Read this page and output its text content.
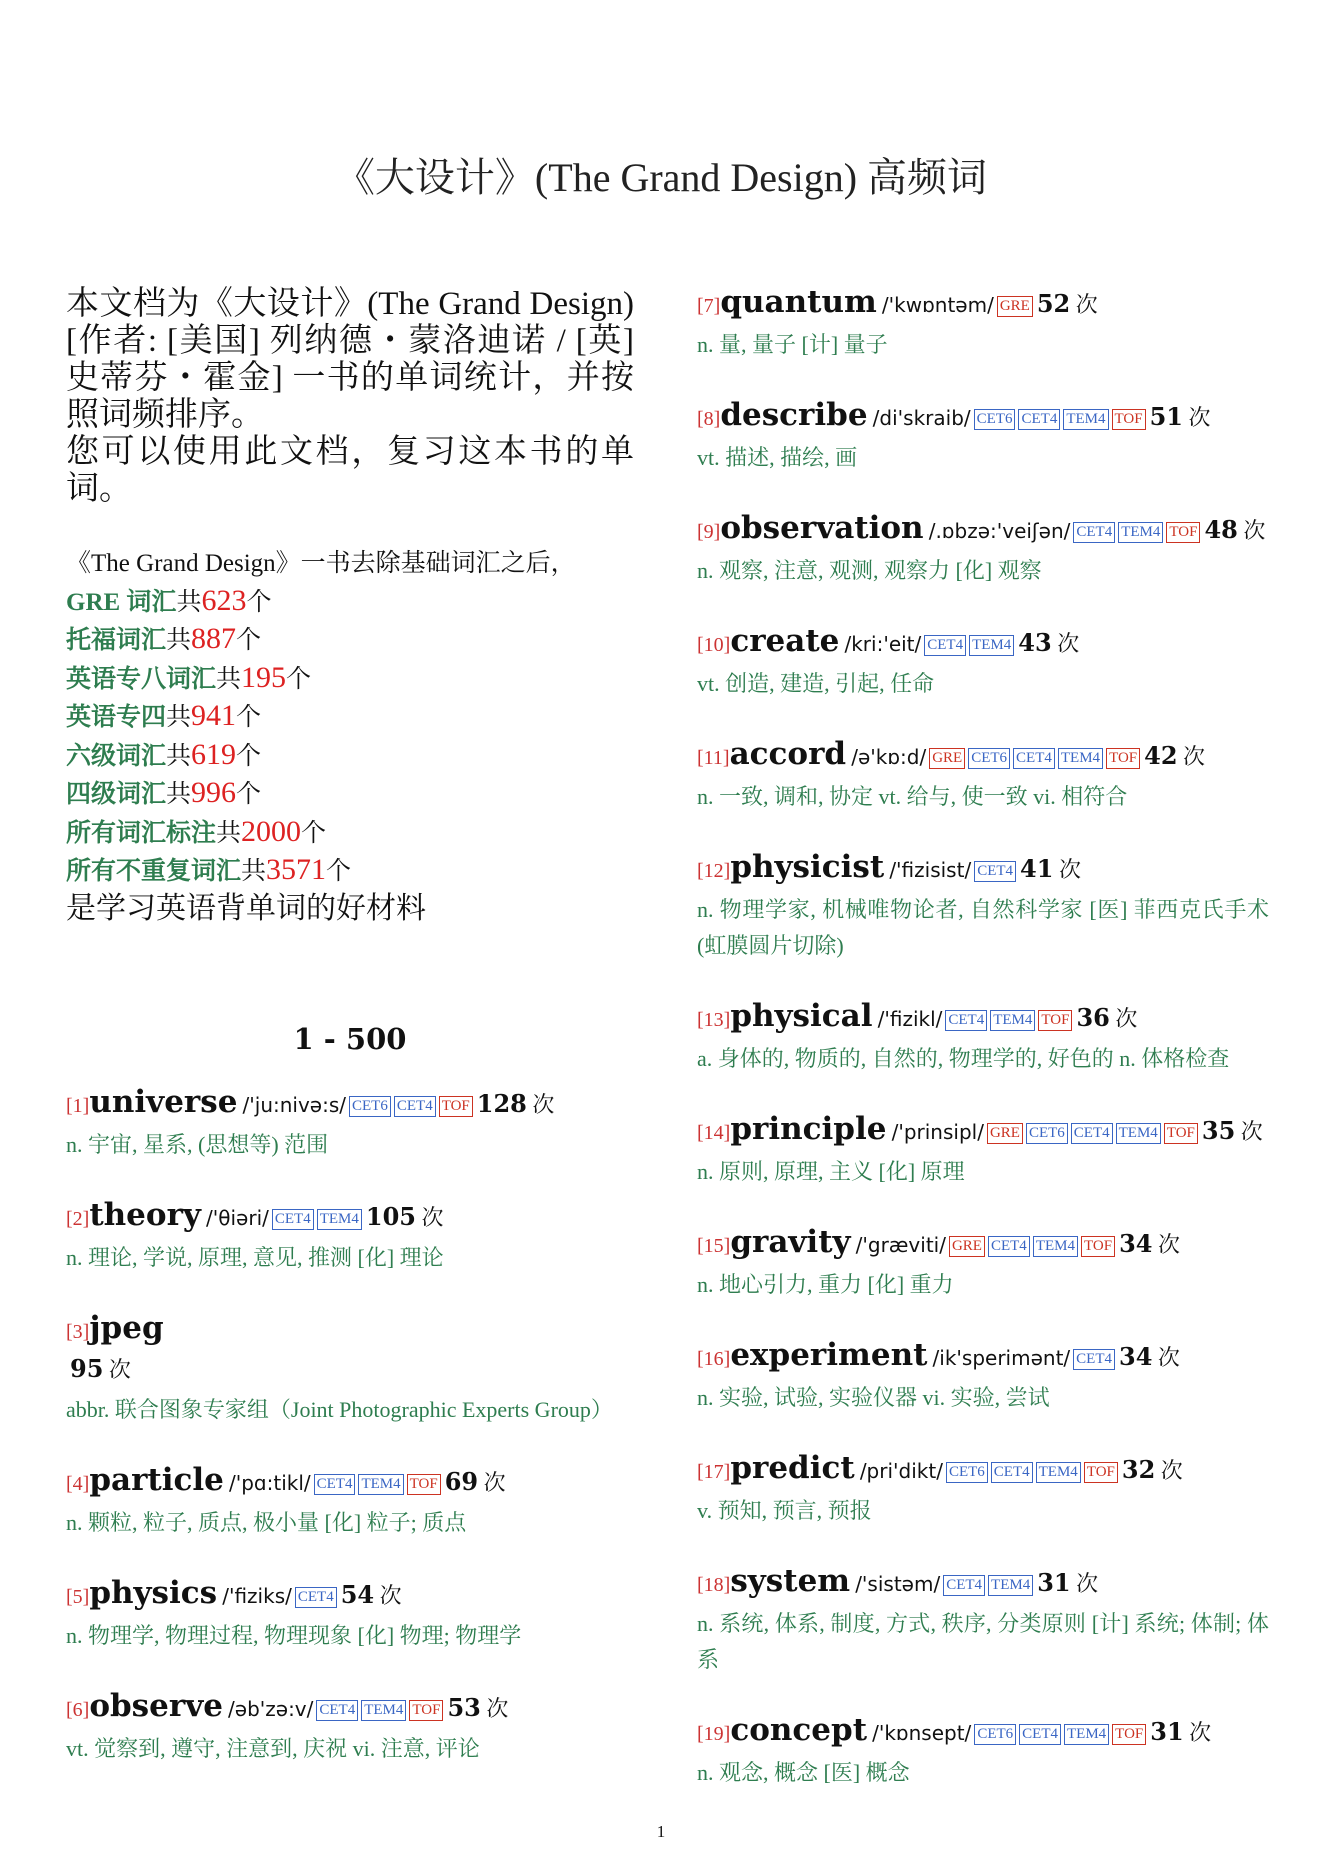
《大设计》(The Grand Design) 高频词

本文档为《大设计》(The Grand Design)[作者: [美国] 列纳德・蒙洛迪诺 / [英] 史蒂芬・霍金] 一书的单词统计，并按照词频排序。

您可以使用此文档，复习这本书的单词。

《The Grand Design》一书去除基础词汇之后，
GRE 词汇共623个
托福词汇共887个
英语专八词汇共195个
英语专四共941个
六级词汇共619个
四级词汇共996个
所有词汇标注共2000个
所有不重复词汇共3571个
是学习英语背单词的好材料
1 - 500
[1]universe /'ju:nivə:s/ CET6 CET4 TOF 128 次
n. 宇宙, 星系, (思想等) 范围
[2]theory /'θiəri/ CET4 TEM4 105 次
n. 理论, 学说, 原理, 意见, 推测 [化] 理论
[3]jpeg
95 次
abbr. 联合图象专家组（Joint Photographic Experts Group）
[4]particle /'pɑ:tikl/ CET4 TEM4 TOF 69 次
n. 颗粒, 粒子, 质点, 极小量 [化] 粒子; 质点
[5]physics /'fiziks/ CET4 54 次
n. 物理学, 物理过程, 物理现象 [化] 物理; 物理学
[6]observe /əb'zə:v/ CET4 TEM4 TOF 53 次
vt. 觉察到, 遵守, 注意到, 庆祝 vi. 注意, 评论
[7]quantum /'kwɒntəm/ GRE 52 次
n. 量, 量子 [计] 量子
[8]describe /di'skraib/ CET6 CET4 TEM4 TOF 51 次
vt. 描述, 描绘, 画
[9]observation /.ɒbzə:'veiʃən/ CET4 TEM4 TOF 48 次
n. 观察, 注意, 观测, 观察力 [化] 观察
[10]create /kri:'eit/ CET4 TEM4 43 次
vt. 创造, 建造, 引起, 任命
[11]accord /ə'kɒ:d/ GRE CET6 CET4 TEM4 TOF 42 次
n. 一致, 调和, 协定 vt. 给与, 使一致 vi. 相符合
[12]physicist /'fizisist/ CET4 41 次
n. 物理学家, 机械唯物论者, 自然科学家 [医] 菲西克氏手术 (虹膜圆片切除)
[13]physical /'fizikl/ CET4 TEM4 TOF 36 次
a. 身体的, 物质的, 自然的, 物理学的, 好色的 n. 体格检查
[14]principle /'prinsipl/ GRE CET6 CET4 TEM4 TOF 35 次
n. 原则, 原理, 主义 [化] 原理
[15]gravity /'græviti/ GRE CET4 TEM4 TOF 34 次
n. 地心引力, 重力 [化] 重力
[16]experiment /ik'sperimənt/ CET4 34 次
n. 实验, 试验, 实验仪器 vi. 实验, 尝试
[17]predict /pri'dikt/ CET6 CET4 TEM4 TOF 32 次
v. 预知, 预言, 预报
[18]system /'sistəm/ CET4 TEM4 31 次
n. 系统, 体系, 制度, 方式, 秩序, 分类原则 [计] 系统; 体制; 体系
[19]concept /'kɒnsept/ CET6 CET4 TEM4 TOF 31 次
n. 观念, 概念 [医] 概念
1
